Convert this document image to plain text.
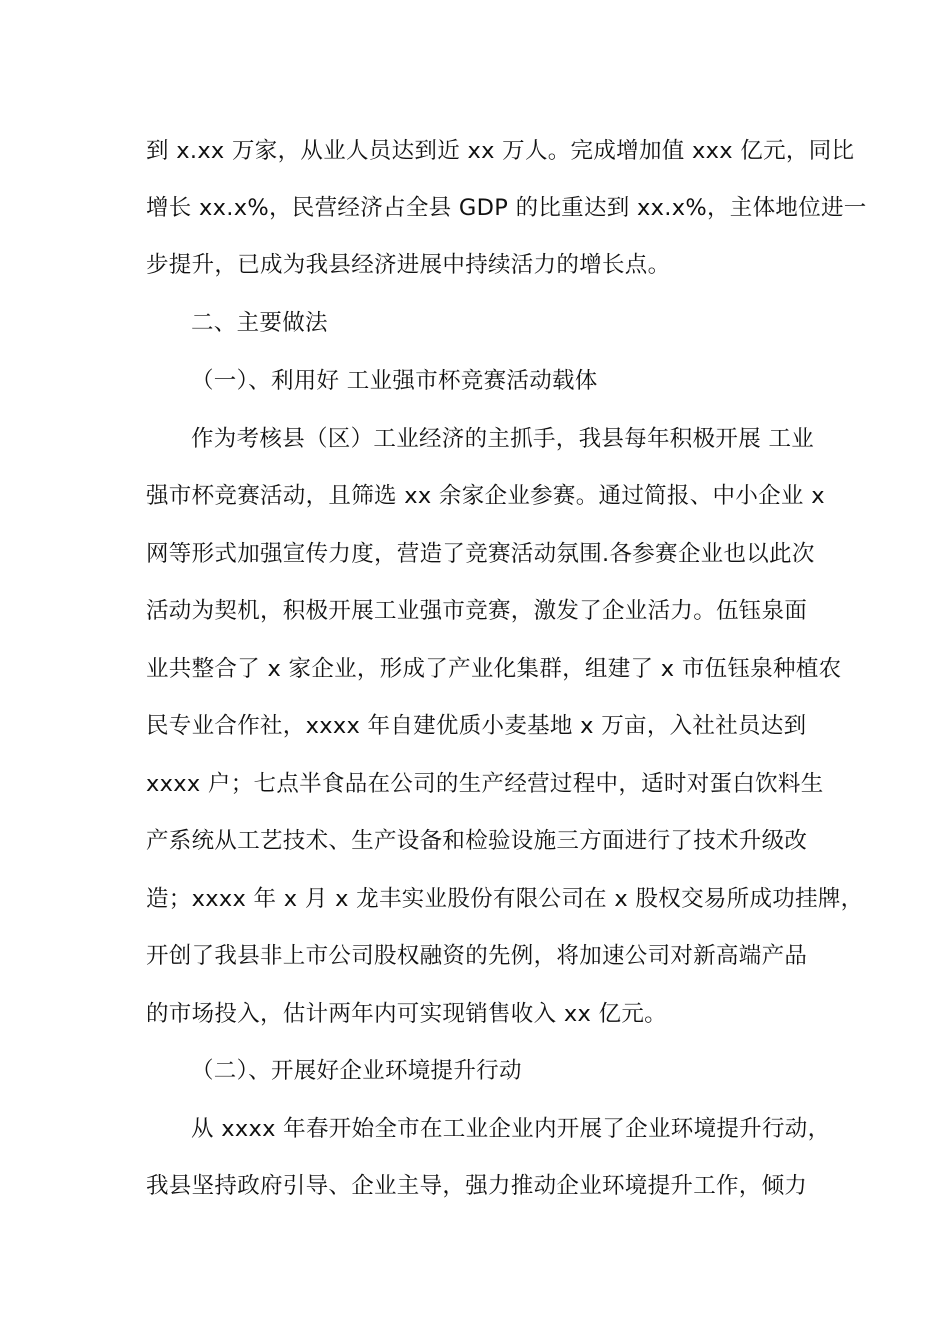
到 x.xx 万家，从业人员达到近 xx 万人。完成增加值 xxx 亿元，同比
增长 xx.x%，民营经济占全县 GDP 的比重达到 xx.x%，主体地位进一
步提升，已成为我县经济进展中持续活力的增长点。
二、主要做法
（一）、利用好 工业强市杯竞赛活动载体
作为考核县（区）工业经济的主抓手，我县每年积极开展 工业
强市杯竞赛活动，且筛选 xx 余家企业参赛。通过简报、中小企业 x
网等形式加强宣传力度，营造了竞赛活动氛围.各参赛企业也以此次
活动为契机，积极开展工业强市竞赛，激发了企业活力。伍钰泉面
业共整合了 x 家企业，形成了产业化集群，组建了 x 市伍钰泉种植农
民专业合作社，xxxx 年自建优质小麦基地 x 万亩，入社社员达到
xxxx 户；七点半食品在公司的生产经营过程中，适时对蛋白饮料生
产系统从工艺技术、生产设备和检验设施三方面进行了技术升级改
造；xxxx 年 x 月 x 龙丰实业股份有限公司在 x 股权交易所成功挂牌，
开创了我县非上市公司股权融资的先例，将加速公司对新高端产品
的市场投入，估计两年内可实现销售收入 xx 亿元。
（二）、开展好企业环境提升行动
从 xxxx 年春开始全市在工业企业内开展了企业环境提升行动，
我县坚持政府引导、企业主导，强力推动企业环境提升工作，倾力
